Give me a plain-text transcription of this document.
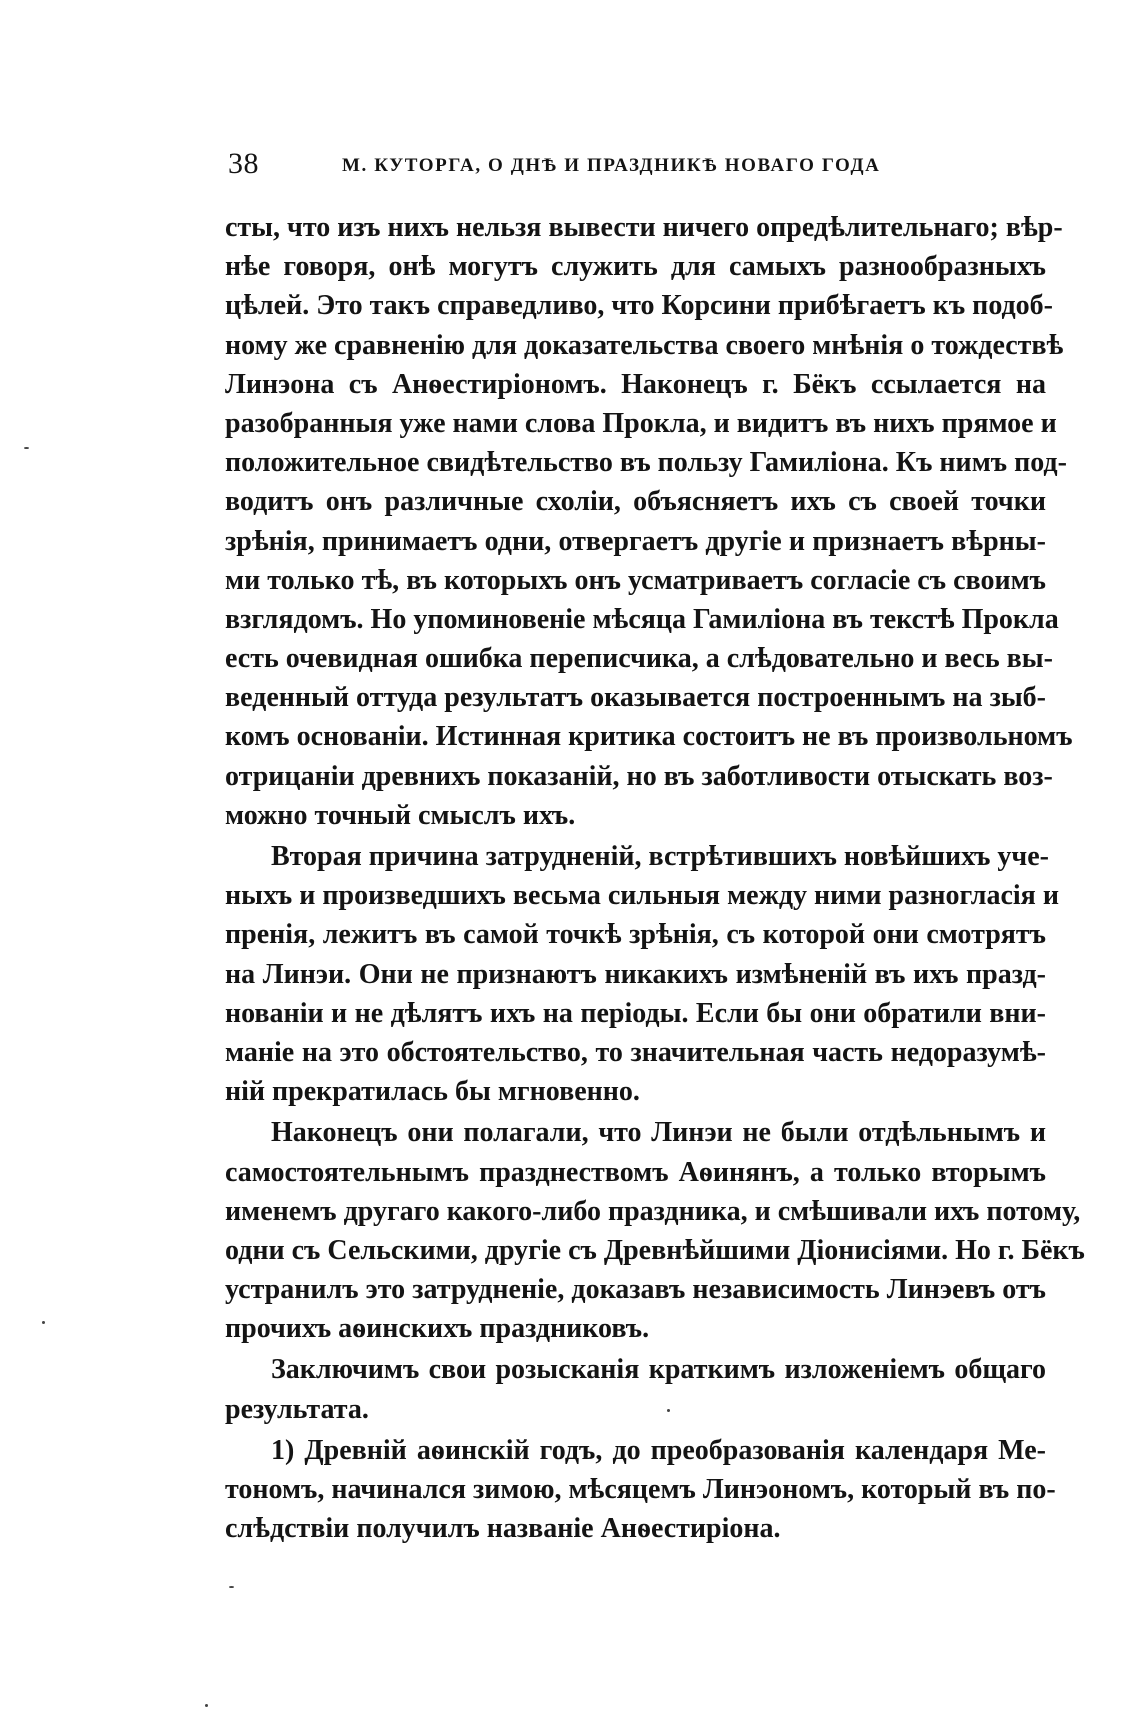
38	М. КУТОРГА, О ДНѢ И ПРАЗДНИКѢ НОВАГО ГОДА
сты, что изъ нихъ нельзя вывести ничего опредѣлительнаго; вѣр-
нѣе говоря, онѣ могутъ служить для самыхъ разнообразныхъ
цѣлей. Это такъ справедливо, что Корсини прибѣгаетъ къ подоб-
ному же сравненію для доказательства своего мнѣнія о тождествѣ
Линэона съ Анѳестиріономъ. Наконецъ г. Бёкъ ссылается на
разобранныя уже нами слова Прокла, и видитъ въ нихъ прямое и
положительное свидѣтельство въ пользу Гамиліона. Къ нимъ под-
водитъ онъ различные схоліи, объясняетъ ихъ съ своей точки
зрѣнія, принимаетъ одни, отвергаетъ другіе и признаетъ вѣрны-
ми только тѣ, въ которыхъ онъ усматриваетъ согласіе съ своимъ
взглядомъ. Но упоминовеніе мѣсяца Гамиліона въ текстѣ Прокла
есть очевидная ошибка переписчика, а слѣдовательно и весь вы-
веденный оттуда результатъ оказывается построеннымъ на зыб-
комъ основаніи. Истинная критика состоитъ не въ произвольномъ
отрицаніи древнихъ показаній, но въ заботливости отыскать воз-
можно точный смыслъ ихъ.
Вторая причина затрудненій, встрѣтившихъ новѣйшихъ уче-
ныхъ и произведшихъ весьма сильныя между ними разногласія и
пренія, лежитъ въ самой точкѣ зрѣнія, съ которой они смотрятъ
на Линэи. Они не признаютъ никакихъ измѣненій въ ихъ празд-
нованіи и не дѣлятъ ихъ на періоды. Если бы они обратили вни-
маніе на это обстоятельство, то значительная часть недоразумѣ-
ній прекратилась бы мгновенно.
Наконецъ они полагали, что Линэи не были отдѣльнымъ и
самостоятельнымъ празднествомъ Аѳинянъ, а только вторымъ
именемъ другаго какого-либо праздника, и смѣшивали ихъ потому,
одни съ Сельскими, другіе съ Древнѣйшими Діонисіями. Но г. Бёкъ
устранилъ это затрудненіе, доказавъ независимость Линэевъ отъ
прочихъ аѳинскихъ праздниковъ.
Заключимъ свои розысканія краткимъ изложеніемъ общаго
результата.
1) Древній аѳинскій годъ, до преобразованія календаря Ме-
тономъ, начинался зимою, мѣсяцемъ Линэономъ, который въ по-
слѣдствіи получилъ названіе Анѳестиріона.
